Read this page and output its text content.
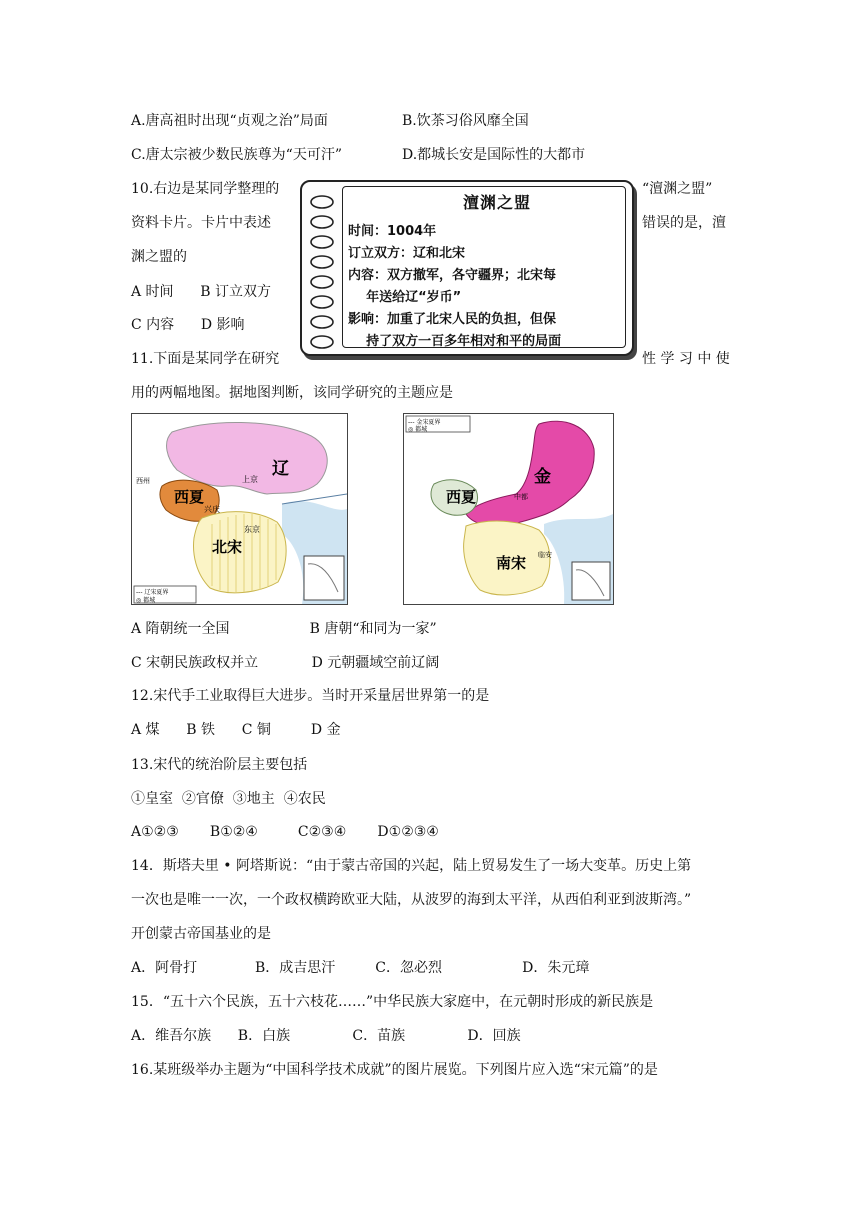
A.唐高祖时出现“贞观之治”局面	B.饮茶习俗风靡全国
C.唐太宗被少数民族尊为“天可汗”	D.都城长安是国际性的大都市
10.右边是某同学整理的	“澶渊之盟”
资料卡片。卡片中表述	错误的是，澶
渊之盟的
A 时间      B 订立双方
C 内容      D 影响
澶渊之盟
时间：1004年
订立双方：辽和北宋
内容：双方撤军，各守疆界；北宋每
年送给辽“岁币”
影响：加重了北宋人民的负担，但保
持了双方一百多年相对和平的局面
11.下面是某同学在研究	性 学 习 中 使
用的两幅地图。据地图判断，该同学研究的主题应是
辽
西夏
北宋
上京
兴庆
东京
西州
--- 辽宋夏界
◎ 都城
金
西夏
南宋
中都
临安
--- 金宋夏界
◎ 都城
A 隋朝统一全国                  B 唐朝“和同为一家”
C 宋朝民族政权并立            D 元朝疆域空前辽阔
12.宋代手工业取得巨大进步。当时开采量居世界第一的是
A 煤      B 铁      C 铜         D 金
13.宋代的统治阶层主要包括
①皇室  ②官僚  ③地主  ④农民
A①②③       B①②④         C②③④       D①②③④
14．斯塔夫里 • 阿塔斯说：“由于蒙古帝国的兴起，陆上贸易发生了一场大变革。历史上第
一次也是唯一一次，一个政权横跨欧亚大陆，从波罗的海到太平洋，从西伯利亚到波斯湾。”
开创蒙古帝国基业的是
A．阿骨打             B．成吉思汗         C．忽必烈                  D．朱元璋
15．“五十六个民族，五十六枝花……”中华民族大家庭中，在元朝时形成的新民族是
A．维吾尔族      B．白族              C．苗族              D．回族
16.某班级举办主题为“中国科学技术成就”的图片展览。下列图片应入选“宋元篇”的是
